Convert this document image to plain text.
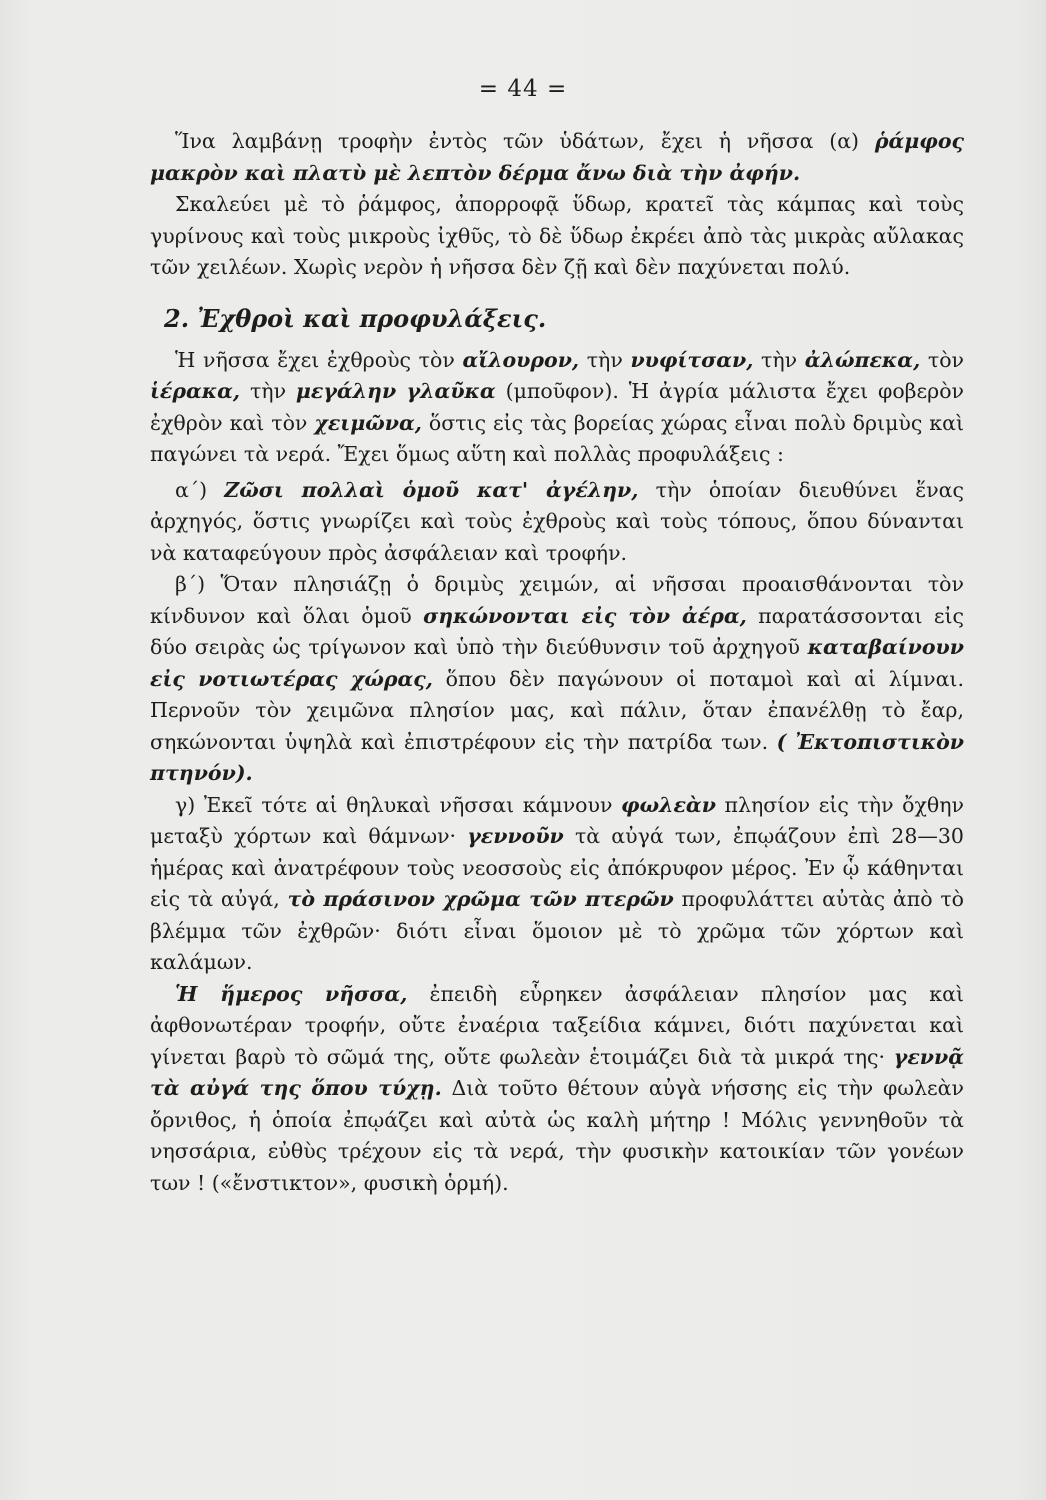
= 44 =

Ἵνα λαμβάνῃ τροφὴν ἐντὸς τῶν ὑδάτων, ἔχει ἡ νῆσσα (α) ῥάμφος μακρὸν καὶ πλατὺ μὲ λεπτὸν δέρμα ἄνω διὰ τὴν ἀφήν.

Σκαλεύει μὲ τὸ ῥάμφος, ἀπορροφᾷ ὕδωρ, κρατεῖ τὰς κάμπας καὶ τοὺς γυρίνους καὶ τοὺς μικροὺς ἰχθῦς, τὸ δὲ ὕδωρ ἐκρέει ἀπὸ τὰς μικρὰς αὔλακας τῶν χειλέων. Χωρὶς νερὸν ἡ νῆσσα δὲν ζῇ καὶ δὲν παχύνεται πολύ.

2. Ἐχθροὶ καὶ προφυλάξεις.

Ἡ νῆσσα ἔχει ἐχθροὺς τὸν αἴλουρον, τὴν νυφίτσαν, τὴν ἀλώπεκα, τὸν ἱέρακα, τὴν μεγάλην γλαῦκα (μποῦφον). Ἡ ἀγρία μάλιστα ἔχει φοβερὸν ἐχθρὸν καὶ τὸν χειμῶνα, ὅστις εἰς τὰς βορείας χώρας εἶναι πολὺ δριμὺς καὶ παγώνει τὰ νερά. Ἔχει ὅμως αὕτη καὶ πολλὰς προφυλάξεις :

α΄) Ζῶσι πολλαὶ ὁμοῦ κατ' ἀγέλην, τὴν ὁποίαν διευθύνει ἕνας ἀρχηγός, ὅστις γνωρίζει καὶ τοὺς ἐχθροὺς καὶ τοὺς τόπους, ὅπου δύνανται νὰ καταφεύγουν πρὸς ἀσφάλειαν καὶ τροφήν.

β΄) Ὅταν πλησιάζῃ ὁ δριμὺς χειμών, αἱ νῆσσαι προαισθάνονται τὸν κίνδυνον καὶ ὅλαι ὁμοῦ σηκώνονται εἰς τὸν ἀέρα, παρατάσσονται εἰς δύο σειρὰς ὡς τρίγωνον καὶ ὑπὸ τὴν διεύθυνσιν τοῦ ἀρχηγοῦ καταβαίνουν εἰς νοτιωτέρας χώρας, ὅπου δὲν παγώνουν οἱ ποταμοὶ καὶ αἱ λίμναι. Περνοῦν τὸν χειμῶνα πλησίον μας, καὶ πάλιν, ὅταν ἐπανέλθῃ τὸ ἔαρ, σηκώνονται ὑψηλὰ καὶ ἐπιστρέφουν εἰς τὴν πατρίδα των. ( Ἐκτοπιστικὸν πτηνόν).

γ) Ἐκεῖ τότε αἱ θηλυκαὶ νῆσσαι κάμνουν φωλεὰν πλησίον εἰς τὴν ὄχθην μεταξὺ χόρτων καὶ θάμνων· γεννοῦν τὰ αὐγά των, ἐπῳάζουν ἐπὶ 28—30 ἡμέρας καὶ ἀνατρέφουν τοὺς νεοσσοὺς εἰς ἀπόκρυφον μέρος. Ἐν ᾧ κάθηνται εἰς τὰ αὐγά, τὸ πράσινον χρῶμα τῶν πτερῶν προφυλάττει αὐτὰς ἀπὸ τὸ βλέμμα τῶν ἐχθρῶν· διότι εἶναι ὅμοιον μὲ τὸ χρῶμα τῶν χόρτων καὶ καλάμων.

Ἡ ἥμερος νῆσσα, ἐπειδὴ εὗρηκεν ἀσφάλειαν πλησίον μας καὶ ἀφθονωτέραν τροφήν, οὔτε ἐναέρια ταξείδια κάμνει, διότι παχύνεται καὶ γίνεται βαρὺ τὸ σῶμά της, οὔτε φωλεὰν ἑτοιμάζει διὰ τὰ μικρά της· γεννᾷ τὰ αὐγά της ὅπου τύχῃ. Διὰ τοῦτο θέτουν αὐγὰ νήσσης εἰς τὴν φωλεὰν ὄρνιθος, ἡ ὁποία ἐπῳάζει καὶ αὐτὰ ὡς καλὴ μήτηρ ! Μόλις γεννηθοῦν τὰ νησσάρια, εὐθὺς τρέχουν εἰς τὰ νερά, τὴν φυσικὴν κατοικίαν τῶν γονέων των ! («ἔνστικτον», φυσικὴ ὁρμή).
